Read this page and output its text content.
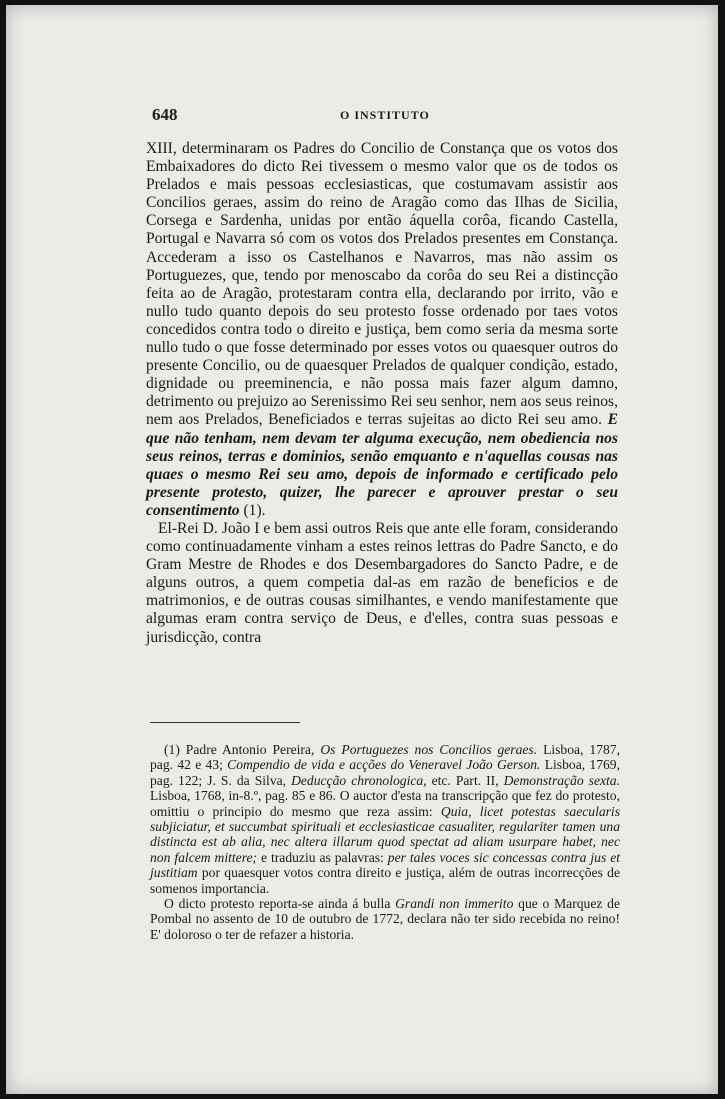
648	O INSTITUTO

XIII, determinaram os Padres do Concilio de Constança que os votos dos Embaixadores do dicto Rei tivessem o mesmo valor que os de todos os Prelados e mais pessoas ecclesiasticas, que costumavam assistir aos Concilios geraes, assim do reino de Aragão como das Ilhas de Sicilia, Corsega e Sardenha, unidas por então áquella corôa, ficando Castella, Portugal e Navarra só com os votos dos Prelados presentes em Constança. Accederam a isso os Castelhanos e Navarros, mas não assim os Portuguezes, que, tendo por menoscabo da corôa do seu Rei a distincção feita ao de Aragão, protestaram contra ella, declarando por irrito, vão e nullo tudo quanto depois do seu protesto fosse ordenado por taes votos concedidos contra todo o direito e justiça, bem como seria da mesma sorte nullo tudo o que fosse determinado por esses votos ou quaesquer outros do presente Concilio, ou de quaesquer Prelados de qualquer condição, estado, dignidade ou preeminencia, e não possa mais fazer algum damno, detrimento ou prejuizo ao Serenissimo Rei seu senhor, nem aos seus reinos, nem aos Prelados, Beneficiados e terras sujeitas ao dicto Rei seu amo. E que não tenham, nem devam ter alguma execução, nem obediencia nos seus reinos, terras e dominios, senão emquanto e n'aquellas cousas nas quaes o mesmo Rei seu amo, depois de informado e certificado pelo presente protesto, quizer, lhe parecer e aprouver prestar o seu consentimento (1).

El-Rei D. João I e bem assi outros Reis que ante elle foram, considerando como continuadamente vinham a estes reinos lettras do Padre Sancto, e do Gram Mestre de Rhodes e dos Desembargadores do Sancto Padre, e de alguns outros, a quem competia dal-as em razão de beneficios e de matrimonios, e de outras cousas similhantes, e vendo manifestamente que algumas eram contra serviço de Deus, e d'elles, contra suas pessoas e jurisdicção, contra

(1) Padre Antonio Pereira, Os Portuguezes nos Concilios geraes. Lisboa, 1787, pag. 42 e 43; Compendio de vida e acções do Veneravel João Gerson. Lisboa, 1769, pag. 122; J. S. da Silva, Deducção chronologica, etc. Part. II, Demonstração sexta. Lisboa, 1768, in-8.º, pag. 85 e 86. O auctor d'esta na transcripção que fez do protesto, omittiu o principio do mesmo que reza assim: Quia, licet potestas saecularis subjiciatur, et succumbat spirituali et ecclesiasticae casualiter, regulariter tamen una distincta est ab alia, nec altera illarum quod spectat ad aliam usurpare habet, nec non falcem mittere; e traduziu as palavras: per tales voces sic concessas contra jus et justitiam por quaesquer votos contra direito e justiça, além de outras incorrecções de somenos importancia.

O dicto protesto reporta-se ainda á bulla Grandi non immerito que o Marquez de Pombal no assento de 10 de outubro de 1772, declara não ter sido recebida no reino! E' doloroso o ter de refazer a historia.
